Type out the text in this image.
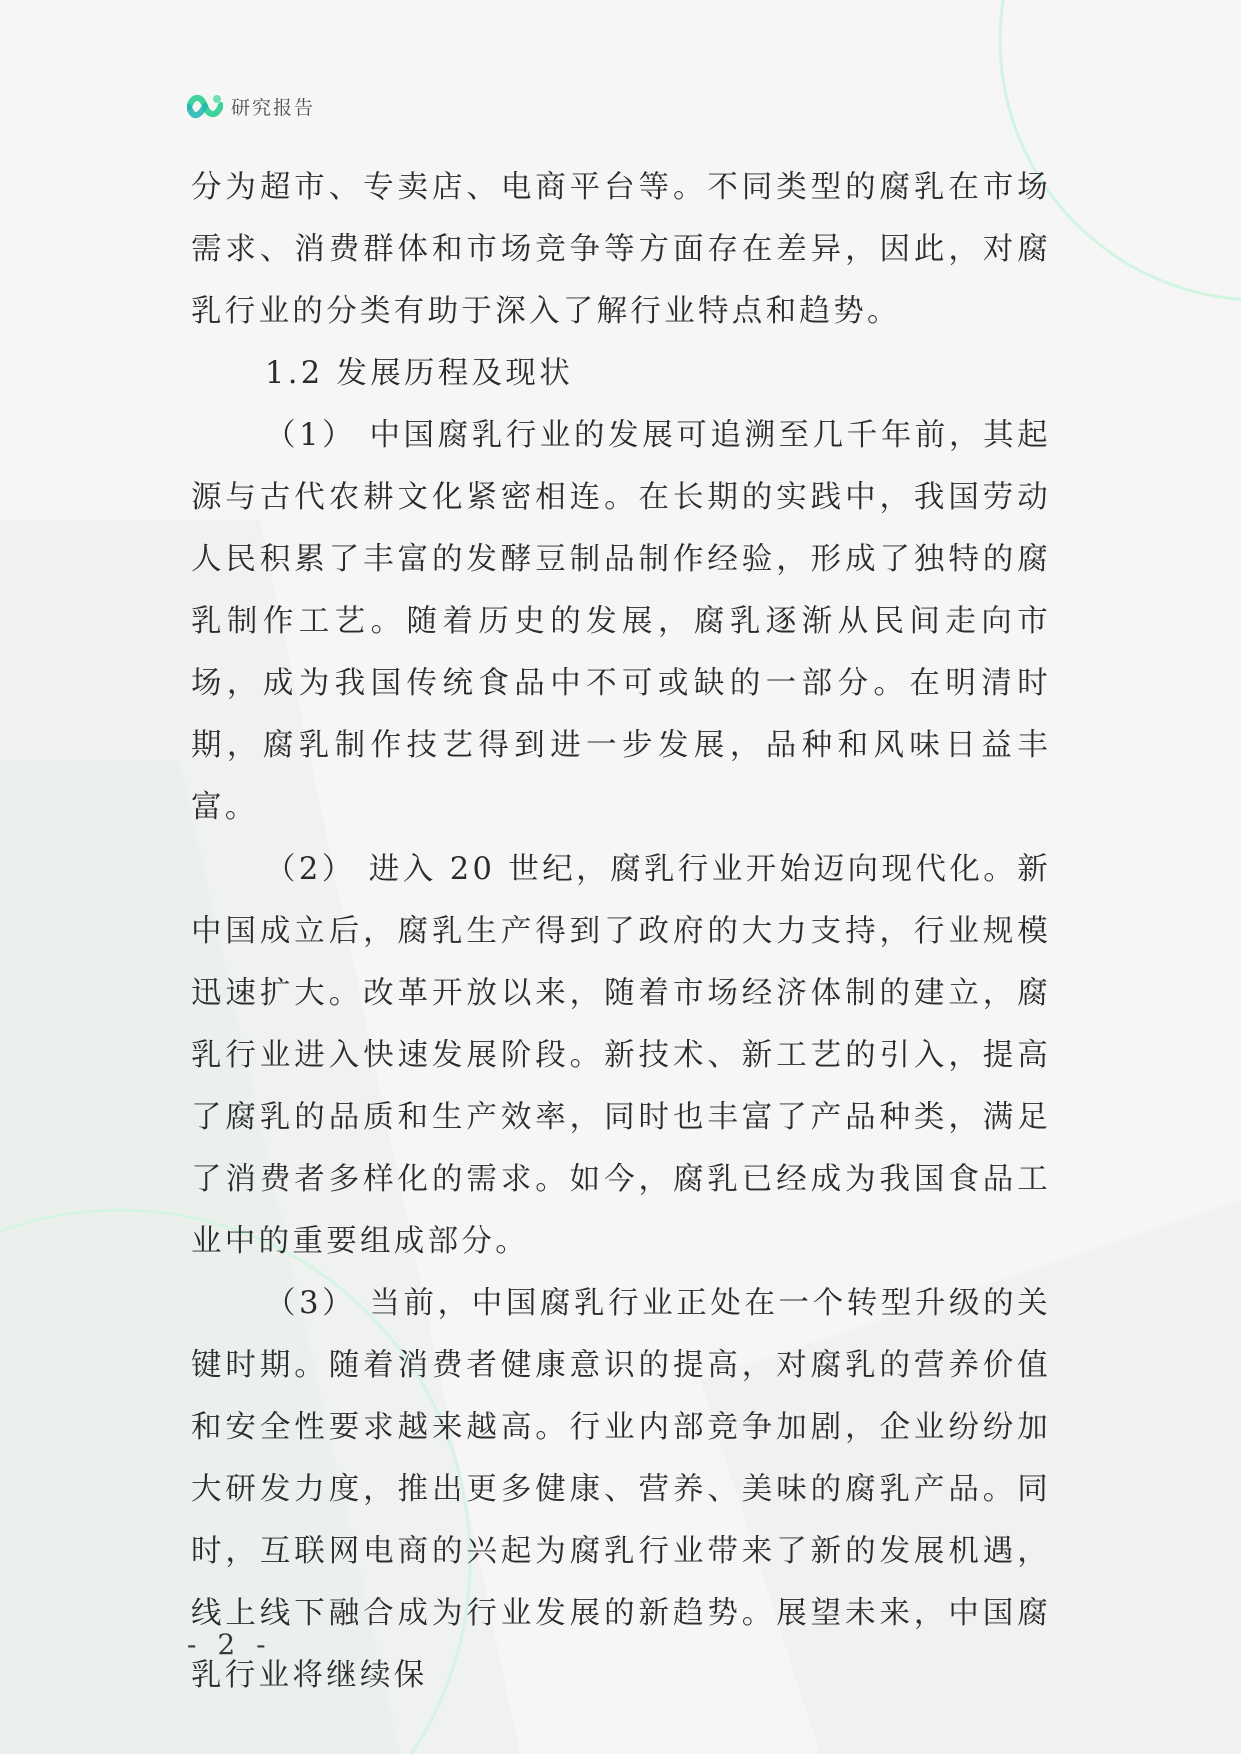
研究报告

分为超市、专卖店、电商平台等。不同类型的腐乳在市场需求、消费群体和市场竞争等方面存在差异，因此，对腐乳行业的分类有助于深入了解行业特点和趋势。

1.2 发展历程及现状

（1） 中国腐乳行业的发展可追溯至几千年前，其起源与古代农耕文化紧密相连。在长期的实践中，我国劳动人民积累了丰富的发酵豆制品制作经验，形成了独特的腐乳制作工艺。随着历史的发展，腐乳逐渐从民间走向市场，成为我国传统食品中不可或缺的一部分。在明清时期，腐乳制作技艺得到进一步发展，品种和风味日益丰富。

（2） 进入 20 世纪，腐乳行业开始迈向现代化。新中国成立后，腐乳生产得到了政府的大力支持，行业规模迅速扩大。改革开放以来，随着市场经济体制的建立，腐乳行业进入快速发展阶段。新技术、新工艺的引入，提高了腐乳的品质和生产效率，同时也丰富了产品种类，满足了消费者多样化的需求。如今，腐乳已经成为我国食品工业中的重要组成部分。

（3） 当前，中国腐乳行业正处在一个转型升级的关键时期。随着消费者健康意识的提高，对腐乳的营养价值和安全性要求越来越高。行业内部竞争加剧，企业纷纷加大研发力度，推出更多健康、营养、美味的腐乳产品。同时，互联网电商的兴起为腐乳行业带来了新的发展机遇，线上线下融合成为行业发展的新趋势。展望未来，中国腐乳行业将继续保

- 2 -
